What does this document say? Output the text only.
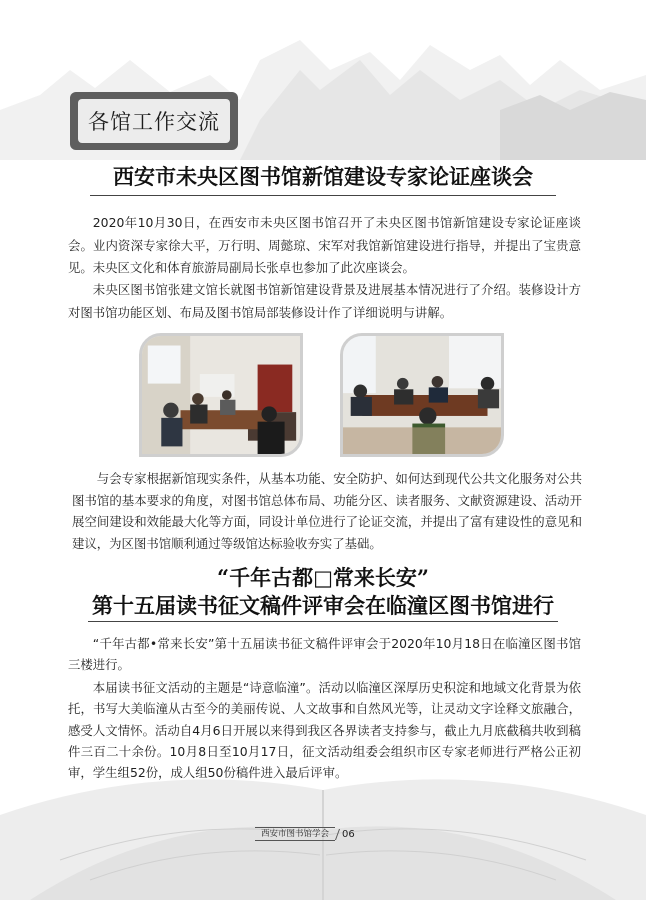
各馆工作交流
西安市未央区图书馆新馆建设专家论证座谈会

2020年10月30日，在西安市未央区图书馆召开了未央区图书馆新馆建设专家论证座谈会。业内资深专家徐大平，万行明、周懿琼、宋军对我馆新馆建设进行指导，并提出了宝贵意见。未央区文化和体育旅游局副局长张卓也参加了此次座谈会。

未央区图书馆张建文馆长就图书馆新馆建设背景及进展基本情况进行了介绍。装修设计方对图书馆功能区划、布局及图书馆局部装修设计作了详细说明与讲解。

与会专家根据新馆现实条件，从基本功能、安全防护、如何达到现代公共文化服务对公共图书馆的基本要求的角度，对图书馆总体布局、功能分区、读者服务、文献资源建设、活动开展空间建设和效能最大化等方面，同设计单位进行了论证交流，并提出了富有建设性的意见和建议，为区图书馆顺利通过等级馆达标验收夯实了基础。

“千年古都□常来长安”
第十五届读书征文稿件评审会在临潼区图书馆进行

“千年古都•常来长安”第十五届读书征文稿件评审会于2020年10月18日在临潼区图书馆三楼进行。

本届读书征文活动的主题是“诗意临潼”。活动以临潼区深厚历史积淀和地域文化背景为依托，书写大美临潼从古至今的美丽传说、人文故事和自然风光等，让灵动文字诠释文旅融合，感受人文情怀。活动自4月6日开展以来得到我区各界读者支持参与，截止九月底截稿共收到稿件三百二十余份。10月8日至10月17日，征文活动组委会组织市区专家老师进行严格公正初审，学生组52份，成人组50份稿件进入最后评审。

西安市图书馆学会	06
